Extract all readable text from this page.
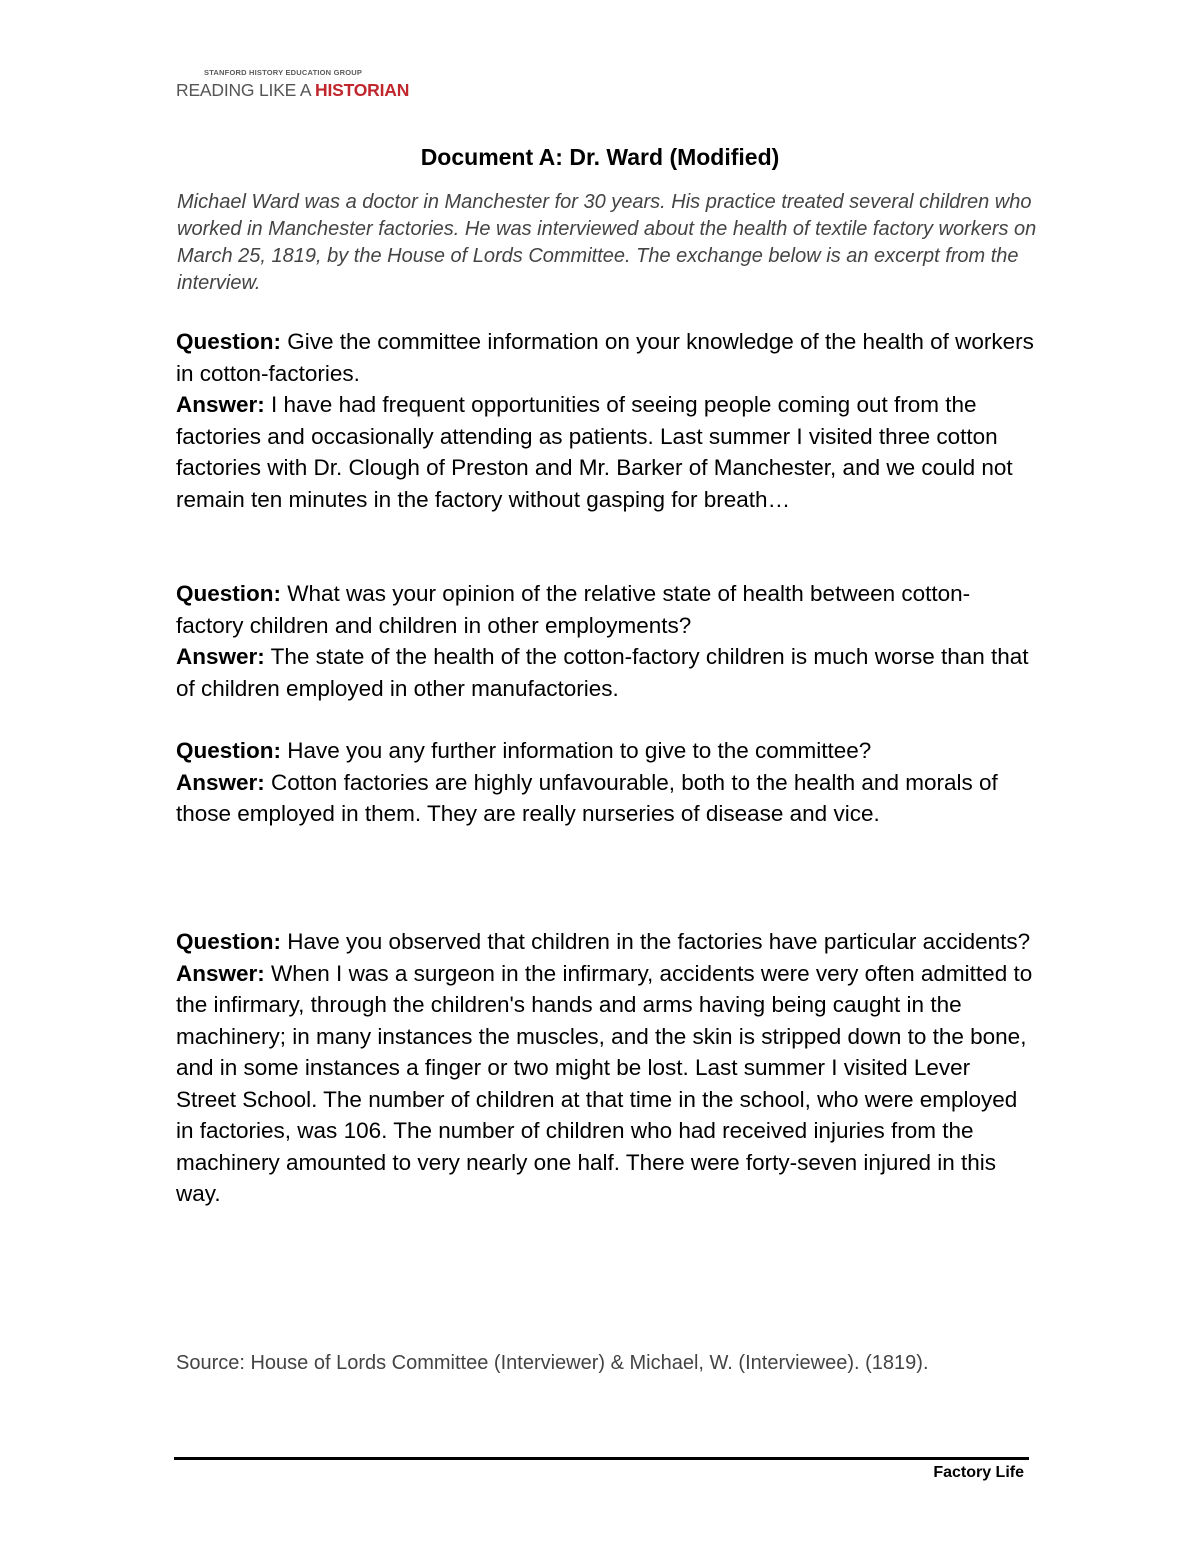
STANFORD HISTORY EDUCATION GROUP
READING LIKE A HISTORIAN
Document A: Dr. Ward (Modified)
Michael Ward was a doctor in Manchester for 30 years. His practice treated several children who worked in Manchester factories. He was interviewed about the health of textile factory workers on March 25, 1819, by the House of Lords Committee. The exchange below is an excerpt from the interview.

Question: Give the committee information on your knowledge of the health of workers in cotton-factories.

Answer: I have had frequent opportunities of seeing people coming out from the factories and occasionally attending as patients. Last summer I visited three cotton factories with Dr. Clough of Preston and Mr. Barker of Manchester, and we could not remain ten minutes in the factory without gasping for breath…

Question: What was your opinion of the relative state of health between cotton-factory children and children in other employments?

Answer: The state of the health of the cotton-factory children is much worse than that of children employed in other manufactories.

Question: Have you any further information to give to the committee?

Answer: Cotton factories are highly unfavourable, both to the health and morals of those employed in them. They are really nurseries of disease and vice.

Question: Have you observed that children in the factories have particular accidents?

Answer: When I was a surgeon in the infirmary, accidents were very often admitted to the infirmary, through the children's hands and arms having being caught in the machinery; in many instances the muscles, and the skin is stripped down to the bone, and in some instances a finger or two might be lost. Last summer I visited Lever Street School. The number of children at that time in the school, who were employed in factories, was 106. The number of children who had received injuries from the machinery amounted to very nearly one half. There were forty-seven injured in this way.

Source: House of Lords Committee (Interviewer) & Michael, W. (Interviewee). (1819).
Factory Life
